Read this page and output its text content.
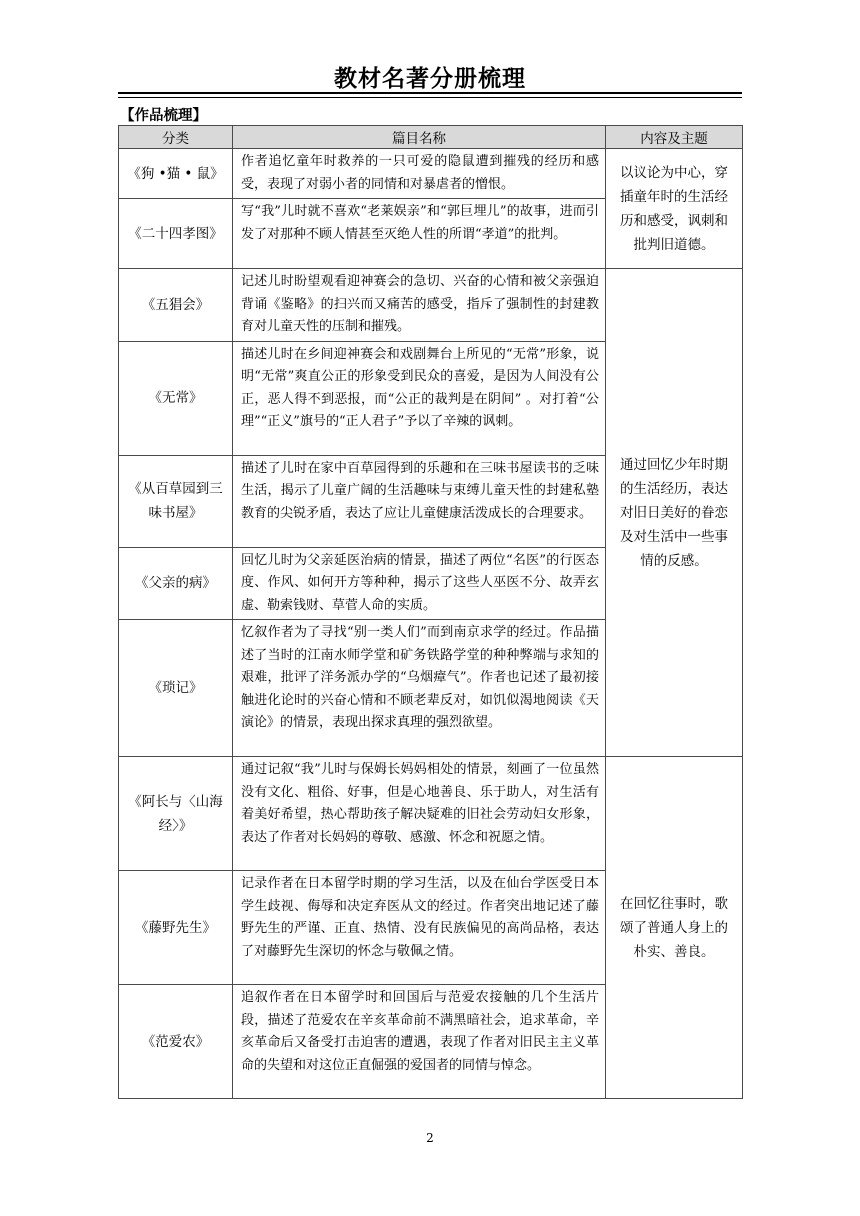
教材名著分册梳理
【作品梳理】
分类	篇目名称	内容及主题
《狗 •猫 • 鼠》	作者追忆童年时救养的一只可爱的隐鼠遭到摧残的经历和感受，表现了对弱小者的同情和对暴虐者的憎恨。	以议论为中心，穿插童年时的生活经历和感受，讽刺和批判旧道德。
《二十四孝图》	写“我”儿时就不喜欢“老莱娱亲”和“郭巨埋儿”的故事，进而引发了对那种不顾人情甚至灭绝人性的所谓“孝道”的批判。	
《五猖会》	记述儿时盼望观看迎神赛会的急切、兴奋的心情和被父亲强迫背诵《鉴略》的扫兴而又痛苦的感受，指斥了强制性的封建教育对儿童天性的压制和摧残。	通过回忆少年时期的生活经历，表达对旧日美好的眷恋及对生活中一些事情的反感。
《无常》	描述儿时在乡间迎神赛会和戏剧舞台上所见的“无常”形象，说明“无常”爽直公正的形象受到民众的喜爱，是因为人间没有公正，恶人得不到恶报，而“公正的裁判是在阴间” 。对打着“公理”“正义”旗号的“正人君子”予以了辛辣的讽刺。	
《从百草园到三味书屋》	描述了儿时在家中百草园得到的乐趣和在三味书屋读书的乏味生活，揭示了儿童广阔的生活趣味与束缚儿童天性的封建私塾教育的尖锐矛盾，表达了应让儿童健康活泼成长的合理要求。	
《父亲的病》	回忆儿时为父亲延医治病的情景，描述了两位“名医”的行医态度、作风、如何开方等种种，揭示了这些人巫医不分、故弄玄虚、勒索钱财、草菅人命的实质。	
《琐记》	忆叙作者为了寻找“别一类人们”而到南京求学的经过。作品描述了当时的江南水师学堂和矿务铁路学堂的种种弊端与求知的艰难，批评了洋务派办学的“乌烟瘴气”。作者也记述了最初接触进化论时的兴奋心情和不顾老辈反对，如饥似渴地阅读《天演论》的情景，表现出探求真理的强烈欲望。	
《阿长与〈山海经〉》	通过记叙“我”儿时与保姆长妈妈相处的情景，刻画了一位虽然没有文化、粗俗、好事，但是心地善良、乐于助人，对生活有着美好希望，热心帮助孩子解决疑难的旧社会劳动妇女形象，表达了作者对长妈妈的尊敬、感激、怀念和祝愿之情。	在回忆往事时，歌颂了普通人身上的朴实、善良。
《藤野先生》	记录作者在日本留学时期的学习生活，以及在仙台学医受日本学生歧视、侮辱和决定弃医从文的经过。作者突出地记述了藤野先生的严谨、正直、热情、没有民族偏见的高尚品格，表达了对藤野先生深切的怀念与敬佩之情。	
《范爱农》	追叙作者在日本留学时和回国后与范爱农接触的几个生活片段，描述了范爱农在辛亥革命前不满黑暗社会，追求革命，辛亥革命后又备受打击迫害的遭遇，表现了作者对旧民主主义革命的失望和对这位正直倔强的爱国者的同情与悼念。	
2
